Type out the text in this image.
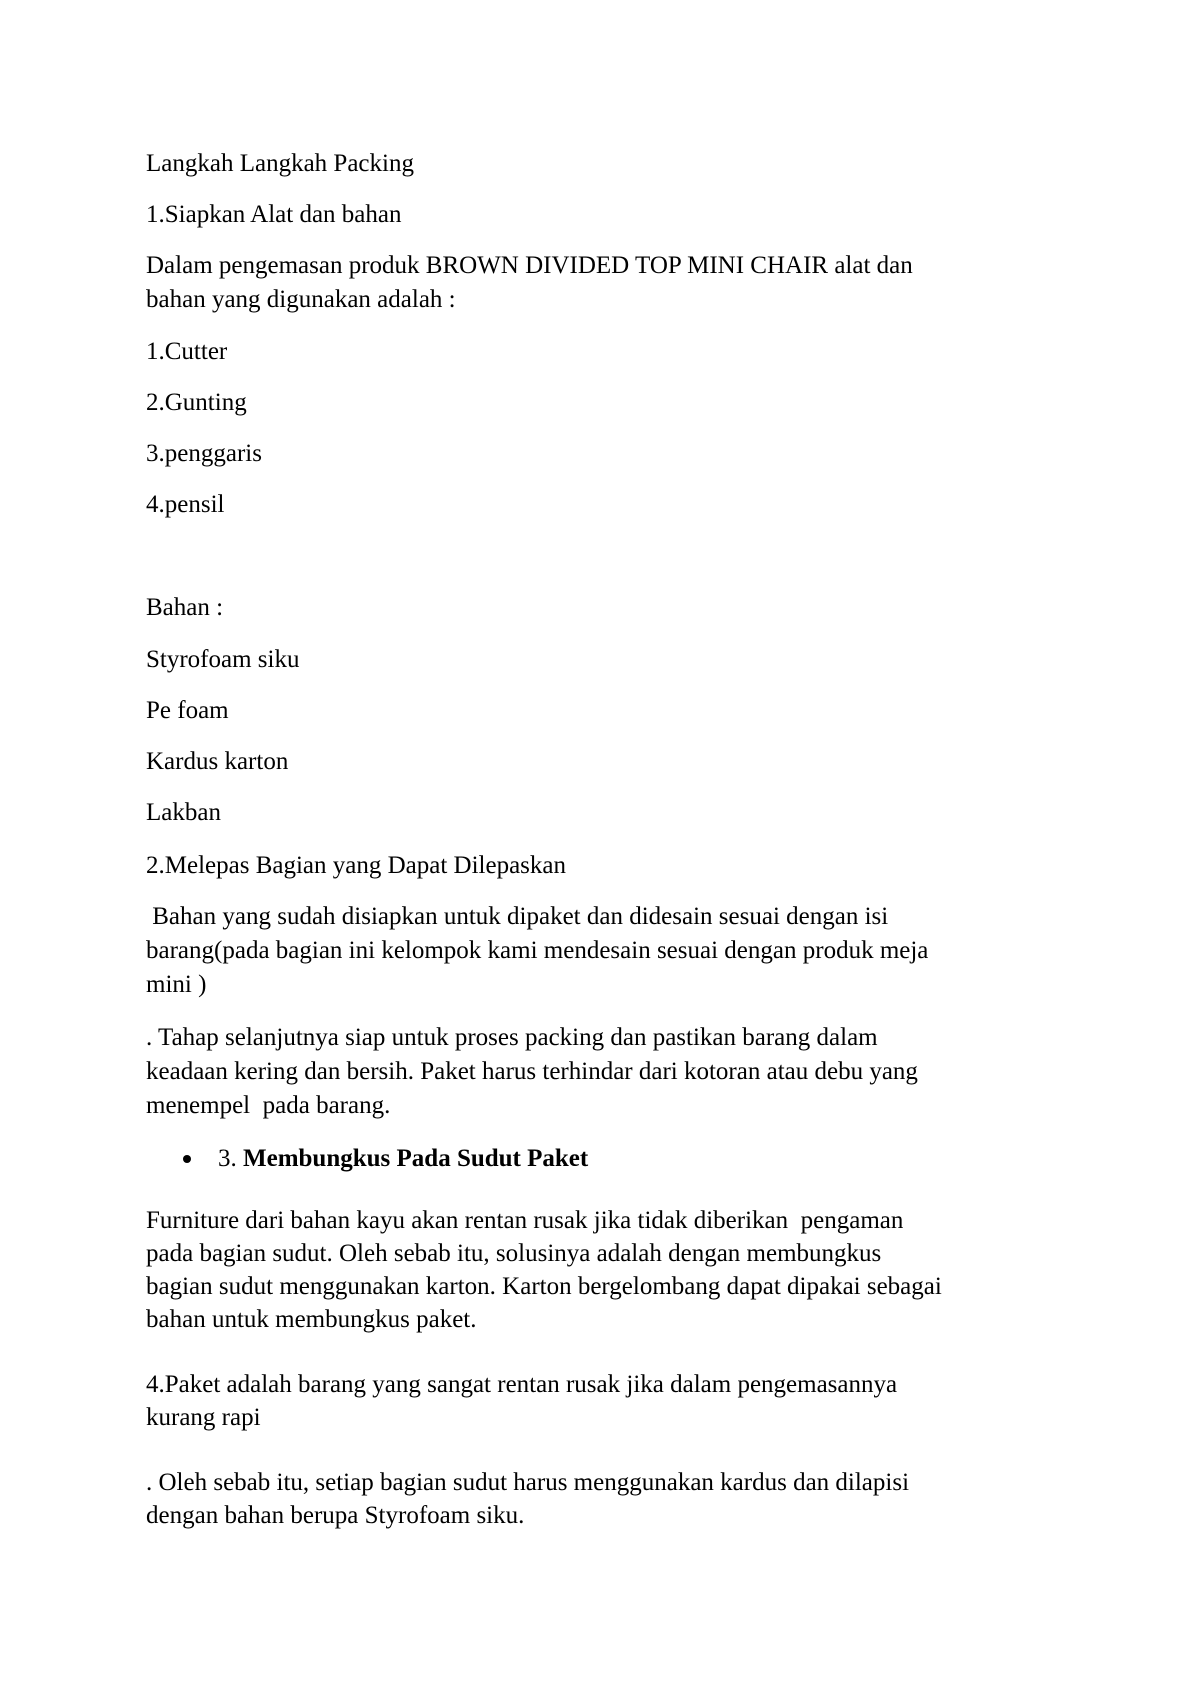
Langkah Langkah Packing

1.Siapkan Alat dan bahan

Dalam pengemasan produk BROWN DIVIDED TOP MINI CHAIR alat dan

bahan yang digunakan adalah :

1.Cutter

2.Gunting

3.penggaris

4.pensil

Bahan :

Styrofoam siku

Pe foam

Kardus karton

Lakban

2.Melepas Bagian yang Dapat Dilepaskan

Bahan yang sudah disiapkan untuk dipaket dan didesain sesuai dengan isi

barang(pada bagian ini kelompok kami mendesain sesuai dengan produk meja

mini )

. Tahap selanjutnya siap untuk proses packing dan pastikan barang dalam

keadaan kering dan bersih. Paket harus terhindar dari kotoran atau debu yang

menempel  pada barang.

3. Membungkus Pada Sudut Paket

Furniture dari bahan kayu akan rentan rusak jika tidak diberikan  pengaman

pada bagian sudut. Oleh sebab itu, solusinya adalah dengan membungkus

bagian sudut menggunakan karton. Karton bergelombang dapat dipakai sebagai

bahan untuk membungkus paket.

4.Paket adalah barang yang sangat rentan rusak jika dalam pengemasannya

kurang rapi

. Oleh sebab itu, setiap bagian sudut harus menggunakan kardus dan dilapisi

dengan bahan berupa Styrofoam siku.
